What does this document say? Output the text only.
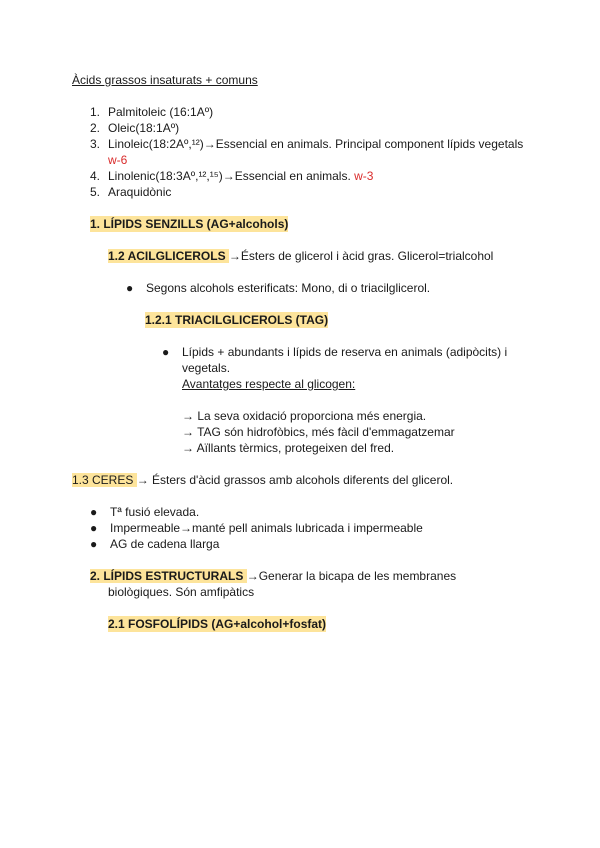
Àcids grassos insaturats + comuns
1. Palmitoleic (16:1Aº)
2. Oleic(18:1Aº)
3. Linoleic(18:2Aº,¹²)→Essencial en animals. Principal component lípids vegetals
w-6
4. Linolenic(18:3Aº,¹²,¹⁵)→Essencial en animals. w-3
5. Araquidònic
1. LÍPIDS SENZILLS (AG+alcohols)
1.2 ACILGLICEROLS →Ésters de glicerol i àcid gras. Glicerol=trialcohol
● Segons alcohols esterificats: Mono, di o triacilglicerol.
1.2.1 TRIACILGLICEROLS (TAG)
● Lípids + abundants i lípids de reserva en animals (adipòcits) i
vegetals.
Avantatges respecte al glicogen:
→ La seva oxidació proporciona més energia.
→ TAG són hidrofòbics, més fàcil d'emmagatzemar
→ Aïllants tèrmics, protegeixen del fred.
1.3 CERES → Ésters d'àcid grassos amb alcohols diferents del glicerol.
● Tª fusió elevada.
● Impermeable→manté pell animals lubricada i impermeable
● AG de cadena llarga
2. LÍPIDS ESTRUCTURALS →Generar la bicapa de les membranes
biològiques. Són amfipàtics
2.1 FOSFOLÍPIDS (AG+alcohol+fosfat)
